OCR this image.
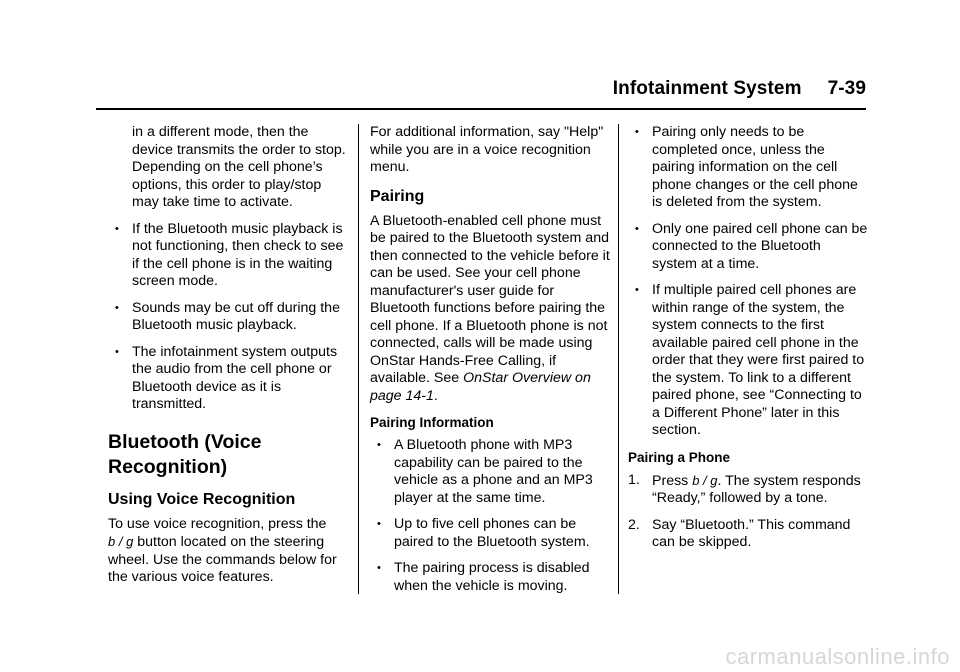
Infotainment System 7-39

in a different mode, then the device transmits the order to stop. Depending on the cell phone’s options, this order to play/stop may take time to activate.

• If the Bluetooth music playback is not functioning, then check to see if the cell phone is in the waiting screen mode.
• Sounds may be cut off during the Bluetooth music playback.
• The infotainment system outputs the audio from the cell phone or Bluetooth device as it is transmitted.
Bluetooth (Voice Recognition)
Using Voice Recognition

To use voice recognition, press the
b / g button located on the steering wheel. Use the commands below for the various voice features.

For additional information, say "Help" while you are in a voice recognition menu.

Pairing

A Bluetooth-enabled cell phone must be paired to the Bluetooth system and then connected to the vehicle before it can be used. See your cell phone manufacturer's user guide for Bluetooth functions before pairing the cell phone. If a Bluetooth phone is not connected, calls will be made using OnStar Hands-Free Calling, if available. See OnStar Overview on page 14-1.

Pairing Information
• A Bluetooth phone with MP3 capability can be paired to the vehicle as a phone and an MP3 player at the same time.
• Up to five cell phones can be paired to the Bluetooth system.
• The pairing process is disabled when the vehicle is moving.
• Pairing only needs to be completed once, unless the pairing information on the cell phone changes or the cell phone is deleted from the system.
• Only one paired cell phone can be connected to the Bluetooth system at a time.
• If multiple paired cell phones are within range of the system, the system connects to the first available paired cell phone in the order that they were first paired to the system. To link to a different paired phone, see “Connecting to a Different Phone” later in this section.
Pairing a Phone
1. Press b / g. The system responds “Ready,” followed by a tone.
2. Say “Bluetooth.” This command can be skipped.
carmanualsonline.info
